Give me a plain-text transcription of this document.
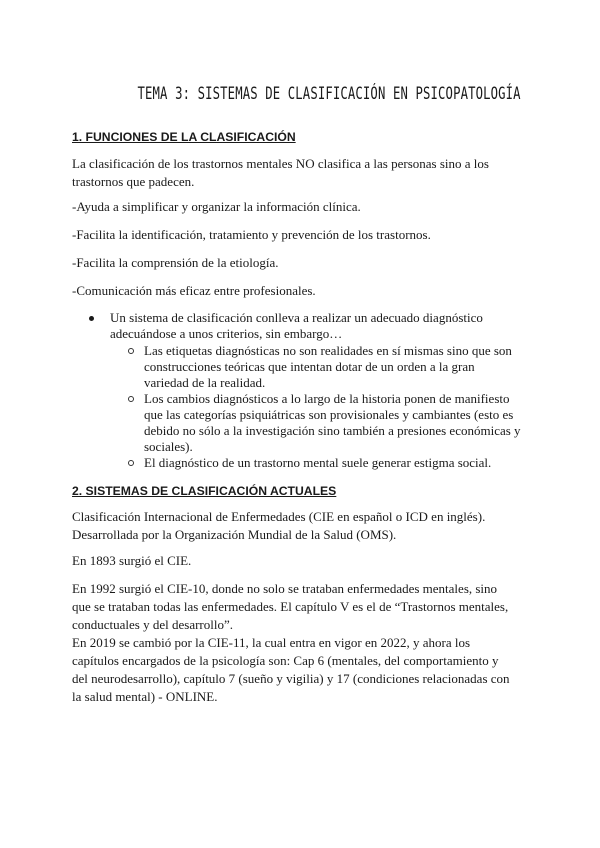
TEMA 3: SISTEMAS DE CLASIFICACIÓN EN PSICOPATOLOGÍA
1. FUNCIONES DE LA CLASIFICACIÓN
La clasificación de los trastornos mentales NO clasifica a las personas sino a los trastornos que padecen.
-Ayuda a simplificar y organizar la información clínica.
-Facilita la identificación, tratamiento y prevención de los trastornos.
-Facilita la comprensión de la etiología.
-Comunicación más eficaz entre profesionales.
Un sistema de clasificación conlleva a realizar un adecuado diagnóstico adecuándose a unos criterios, sin embargo…
Las etiquetas diagnósticas no son realidades en sí mismas sino que son construcciones teóricas que intentan dotar de un orden a la gran variedad de la realidad.
Los cambios diagnósticos a lo largo de la historia ponen de manifiesto que las categorías psiquiátricas son provisionales y cambiantes (esto es debido no sólo a la investigación sino también a presiones económicas y sociales).
El diagnóstico de un trastorno mental suele generar estigma social.
2. SISTEMAS DE CLASIFICACIÓN ACTUALES
Clasificación Internacional de Enfermedades (CIE en español o ICD en inglés). Desarrollada por la Organización Mundial de la Salud (OMS).
En 1893 surgió el CIE.
En 1992 surgió el CIE-10, donde no solo se trataban enfermedades mentales, sino que se trataban todas las enfermedades. El capítulo V es el de “Trastornos mentales, conductuales y del desarrollo”.
En 2019 se cambió por la CIE-11, la cual entra en vigor en 2022, y ahora los capítulos encargados de la psicología son: Cap 6 (mentales, del comportamiento y del neurodesarrollo), capítulo 7 (sueño y vigilia) y 17 (condiciones relacionadas con la salud mental) - ONLINE.
